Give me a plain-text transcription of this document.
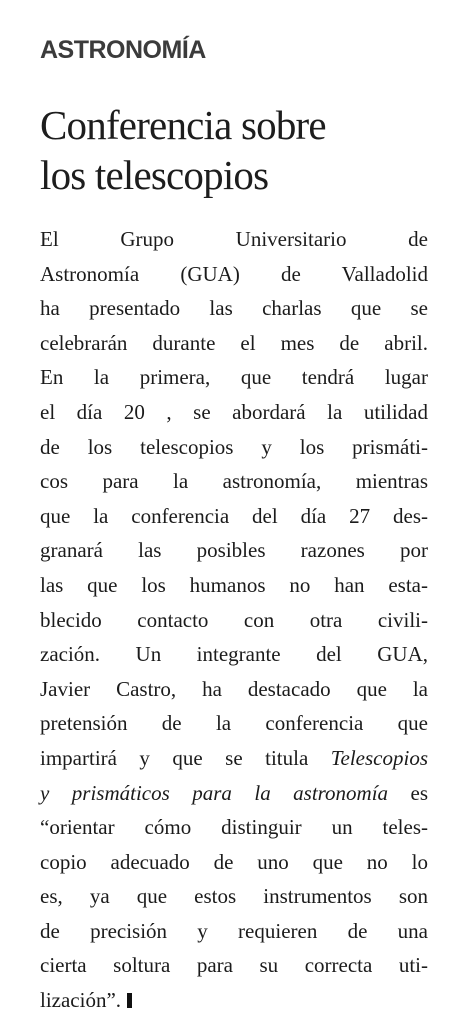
ASTRONOMÍA
Conferencia sobre
los telescopios
El Grupo Universitario de
Astronomía (GUA) de Valladolid
ha presentado las charlas que se
celebrarán durante el mes de abril.
En la primera, que tendrá lugar
el día 20 , se abordará la utilidad
de los telescopios y los prismáti-
cos para la astronomía, mientras
que la conferencia del día 27 des-
granará las posibles razones por
las que los humanos no han esta-
blecido contacto con otra civili-
zación. Un integrante del GUA,
Javier Castro, ha destacado que la
pretensión de la conferencia que
impartirá y que se titula Telescopios
y prismáticos para la astronomía es
“orientar cómo distinguir un teles-
copio adecuado de uno que no lo
es, ya que estos instrumentos son
de precisión y requieren de una
cierta soltura para su correcta uti-
lización”.
